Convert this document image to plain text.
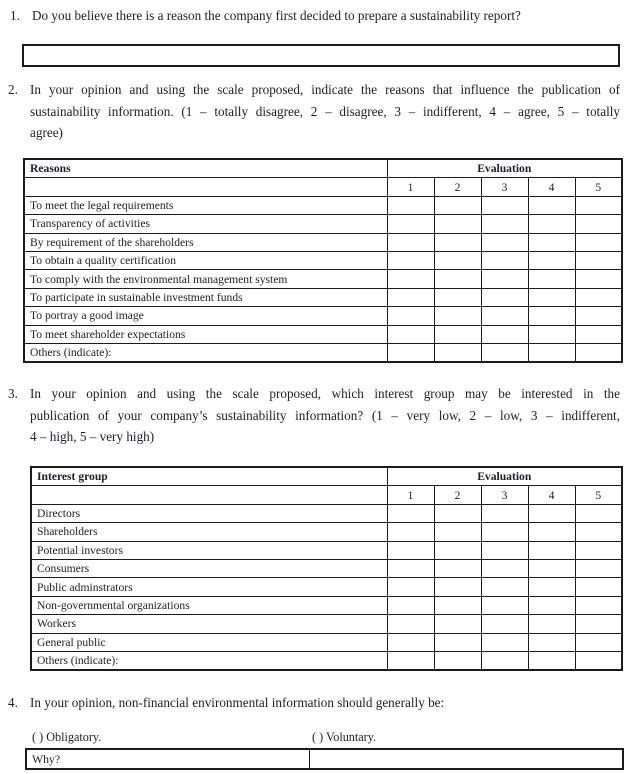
1. Do you believe there is a reason the company first decided to prepare a sustainability report?
2. In your opinion and using the scale proposed, indicate the reasons that influence the publication of
sustainability information. (1 – totally disagree, 2 – disagree, 3 – indifferent, 4 – agree, 5 – totally
agree)
Reasons	Evaluation				
	1	2	3	4	5
To meet the legal requirements					
Transparency of activities					
By requirement of the shareholders					
To obtain a quality certification					
To comply with the environmental management system					
To participate in sustainable investment funds					
To portray a good image					
To meet shareholder expectations					
Others (indicate):					
3. In your opinion and using the scale proposed, which interest group may be interested in the
publication of your company’s sustainability information? (1 – very low, 2 – low, 3 – indifferent,
4 – high, 5 – very high)
Interest group	Evaluation				
	1	2	3	4	5
Directors					
Shareholders					
Potential investors					
Consumers					
Public adminstrators					
Non-governmental organizations					
Workers					
General public					
Others (indicate):					
4. In your opinion, non-financial environmental information should generally be:
( ) Obligatory.	( ) Voluntary.
Why?	
